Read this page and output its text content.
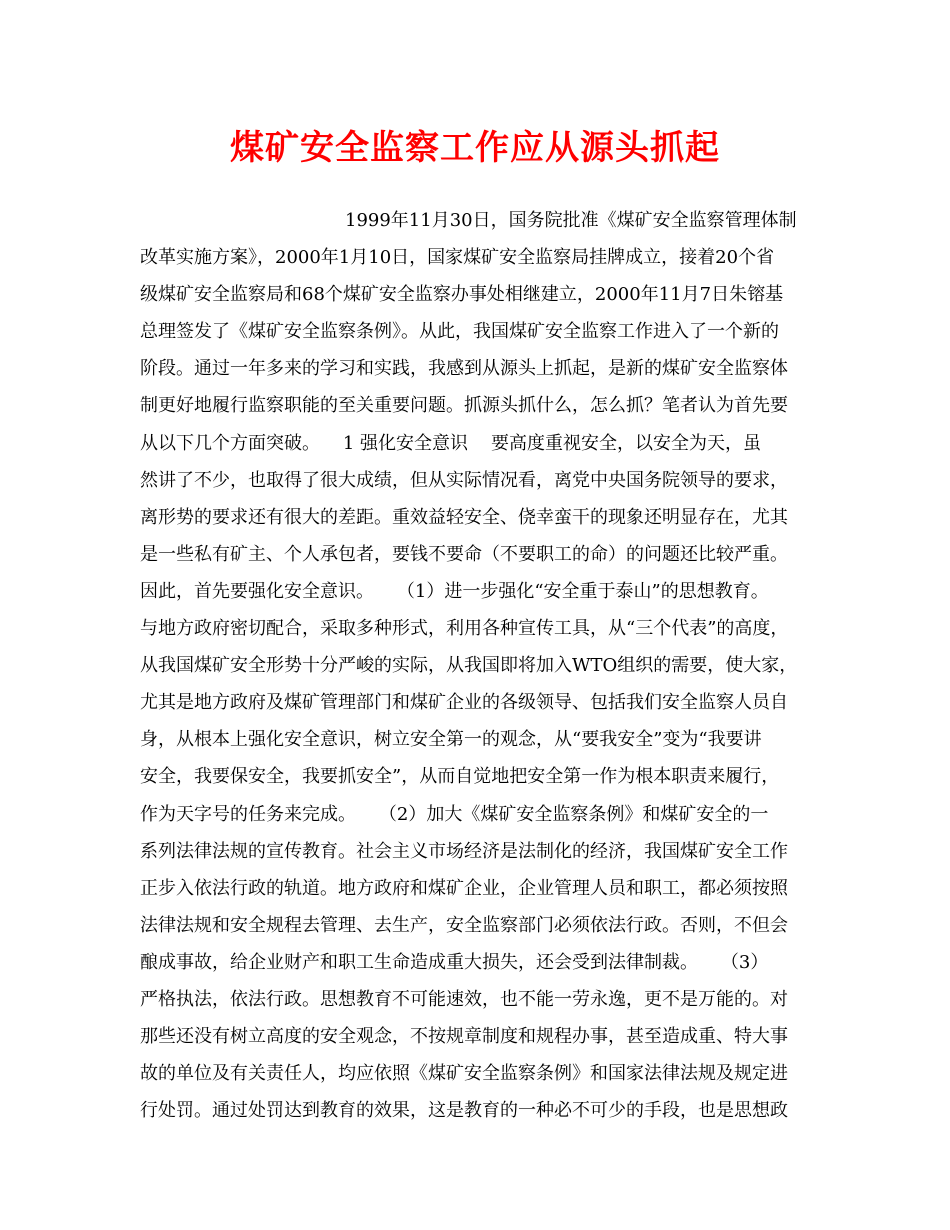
煤矿安全监察工作应从源头抓起
1999年11月30日，国务院批准《煤矿安全监察管理体制
改革实施方案》，2000年1月10日，国家煤矿安全监察局挂牌成立，接着20个省
级煤矿安全监察局和68个煤矿安全监察办事处相继建立，2000年11月7日朱镕基
总理签发了《煤矿安全监察条例》。从此，我国煤矿安全监察工作进入了一个新的
阶段。通过一年多来的学习和实践，我感到从源头上抓起，是新的煤矿安全监察体
制更好地履行监察职能的至关重要问题。抓源头抓什么，怎么抓？笔者认为首先要
从以下几个方面突破。    1 强化安全意识    要高度重视安全，以安全为天，虽
然讲了不少，也取得了很大成绩，但从实际情况看，离党中央国务院领导的要求，
离形势的要求还有很大的差距。重效益轻安全、侥幸蛮干的现象还明显存在，尤其
是一些私有矿主、个人承包者，要钱不要命（不要职工的命）的问题还比较严重。
因此，首先要强化安全意识。    （1）进一步强化“安全重于泰山”的思想教育。
与地方政府密切配合，采取多种形式，利用各种宣传工具，从“三个代表”的高度，
从我国煤矿安全形势十分严峻的实际，从我国即将加入WTO组织的需要，使大家，
尤其是地方政府及煤矿管理部门和煤矿企业的各级领导、包括我们安全监察人员自
身，从根本上强化安全意识，树立安全第一的观念，从“要我安全”变为“我要讲
安全，我要保安全，我要抓安全”，从而自觉地把安全第一作为根本职责来履行，
作为天字号的任务来完成。    （2）加大《煤矿安全监察条例》和煤矿安全的一
系列法律法规的宣传教育。社会主义市场经济是法制化的经济，我国煤矿安全工作
正步入依法行政的轨道。地方政府和煤矿企业，企业管理人员和职工，都必须按照
法律法规和安全规程去管理、去生产，安全监察部门必须依法行政。否则，不但会
酿成事故，给企业财产和职工生命造成重大损失，还会受到法律制裁。    （3）
严格执法，依法行政。思想教育不可能速效，也不能一劳永逸，更不是万能的。对
那些还没有树立高度的安全观念，不按规章制度和规程办事，甚至造成重、特大事
故的单位及有关责任人，均应依照《煤矿安全监察条例》和国家法律法规及规定进
行处罚。通过处罚达到教育的效果，这是教育的一种必不可少的手段，也是思想政
